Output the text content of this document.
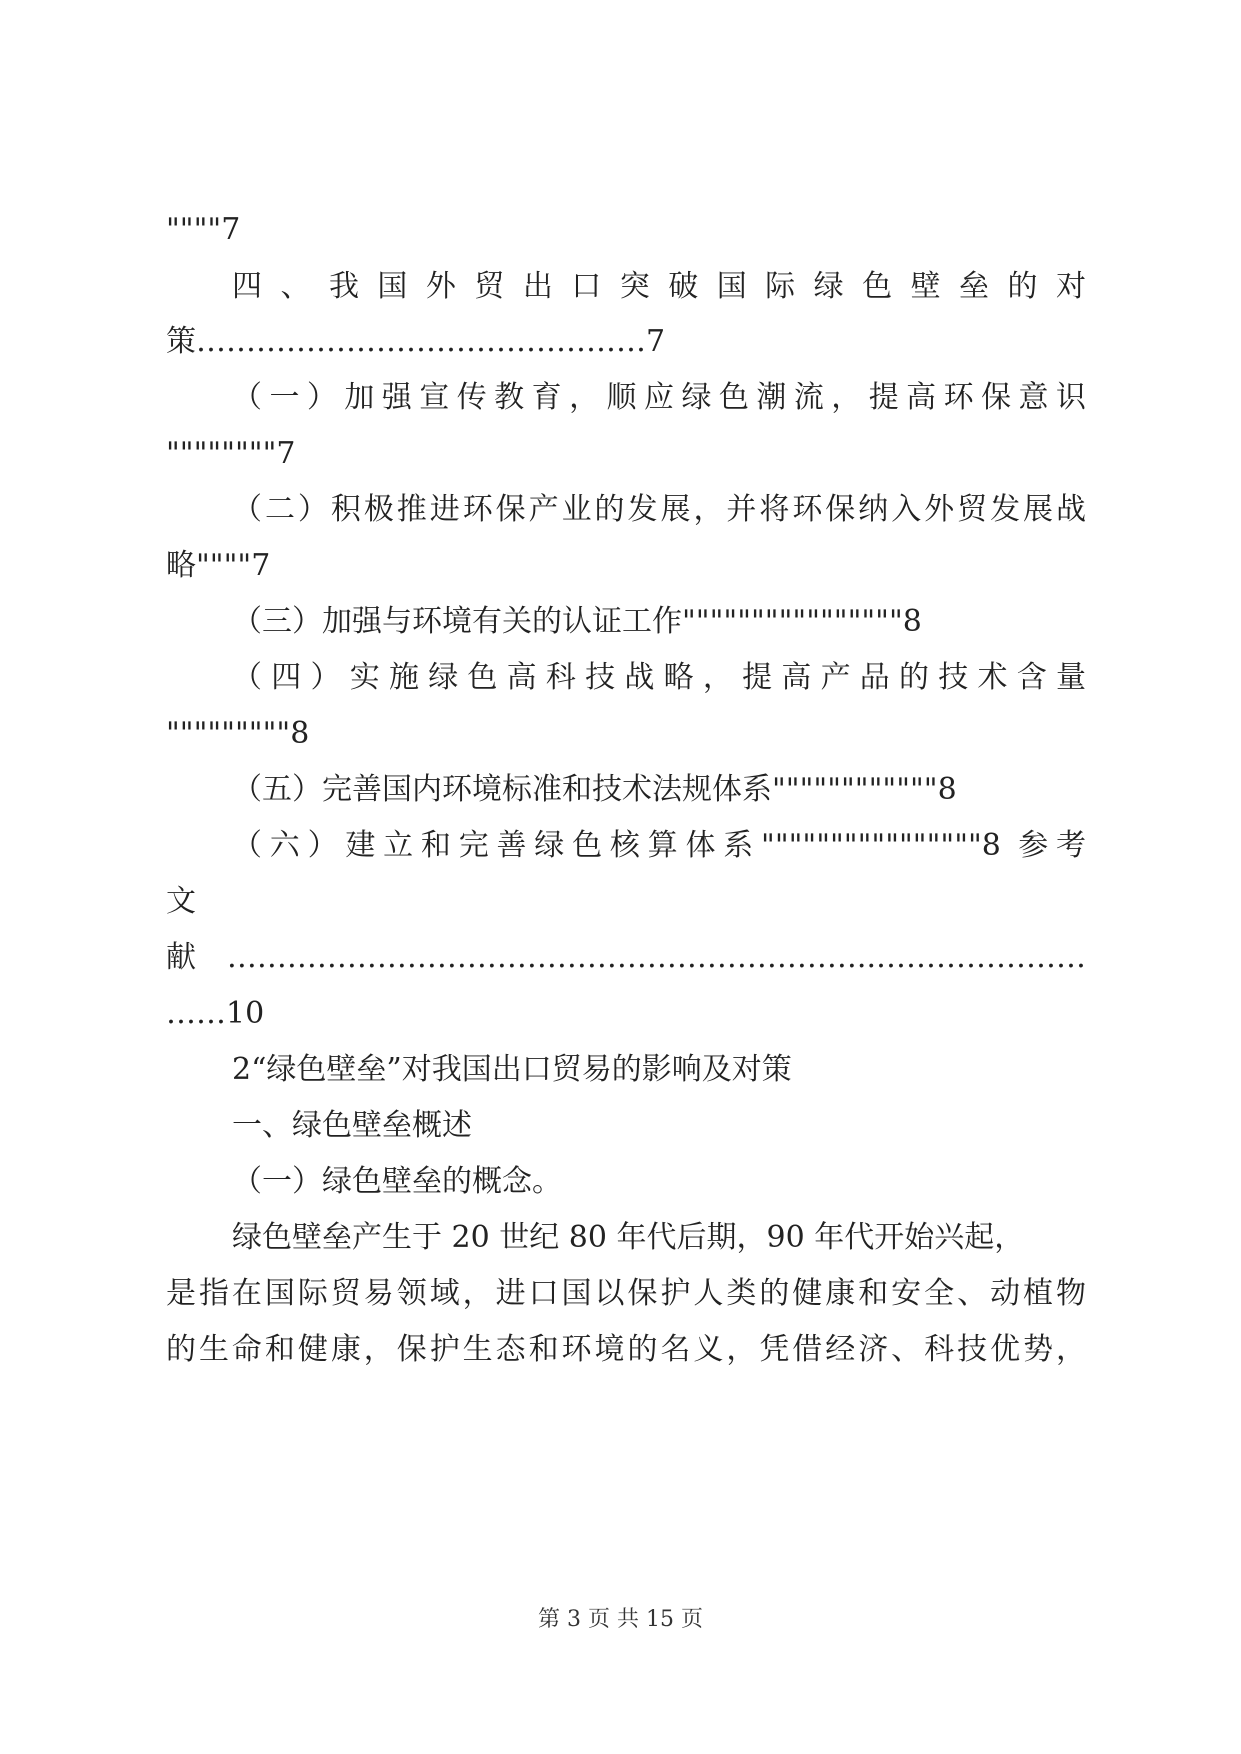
""""7
四 、 我 国 外 贸 出 口 突 破 国 际 绿 色 壁 垒 的 对
策………………………………………7
（一）加强宣传教育，顺应绿色潮流，提高环保意识
""""""""7
（二）积极推进环保产业的发展，并将环保纳入外贸发展战
略""""7
（三）加强与环境有关的认证工作""""""""""""""""8
（四）实施绿色高科技战略，提高产品的技术含量
"""""""""8
（五）完善国内环境标准和技术法规体系""""""""""""8
（六）建立和完善绿色核算体系""""""""""""""""8 参考
文
献………………………………………………………..…………………
……10
2“绿色壁垒”对我国出口贸易的影响及对策
一、绿色壁垒概述
（一）绿色壁垒的概念。
绿色壁垒产生于 20 世纪 80 年代后期，90 年代开始兴起，
是指在国际贸易领域，进口国以保护人类的健康和安全、动植物
的生命和健康，保护生态和环境的名义，凭借经济、科技优势，
第 3 页 共 15 页
